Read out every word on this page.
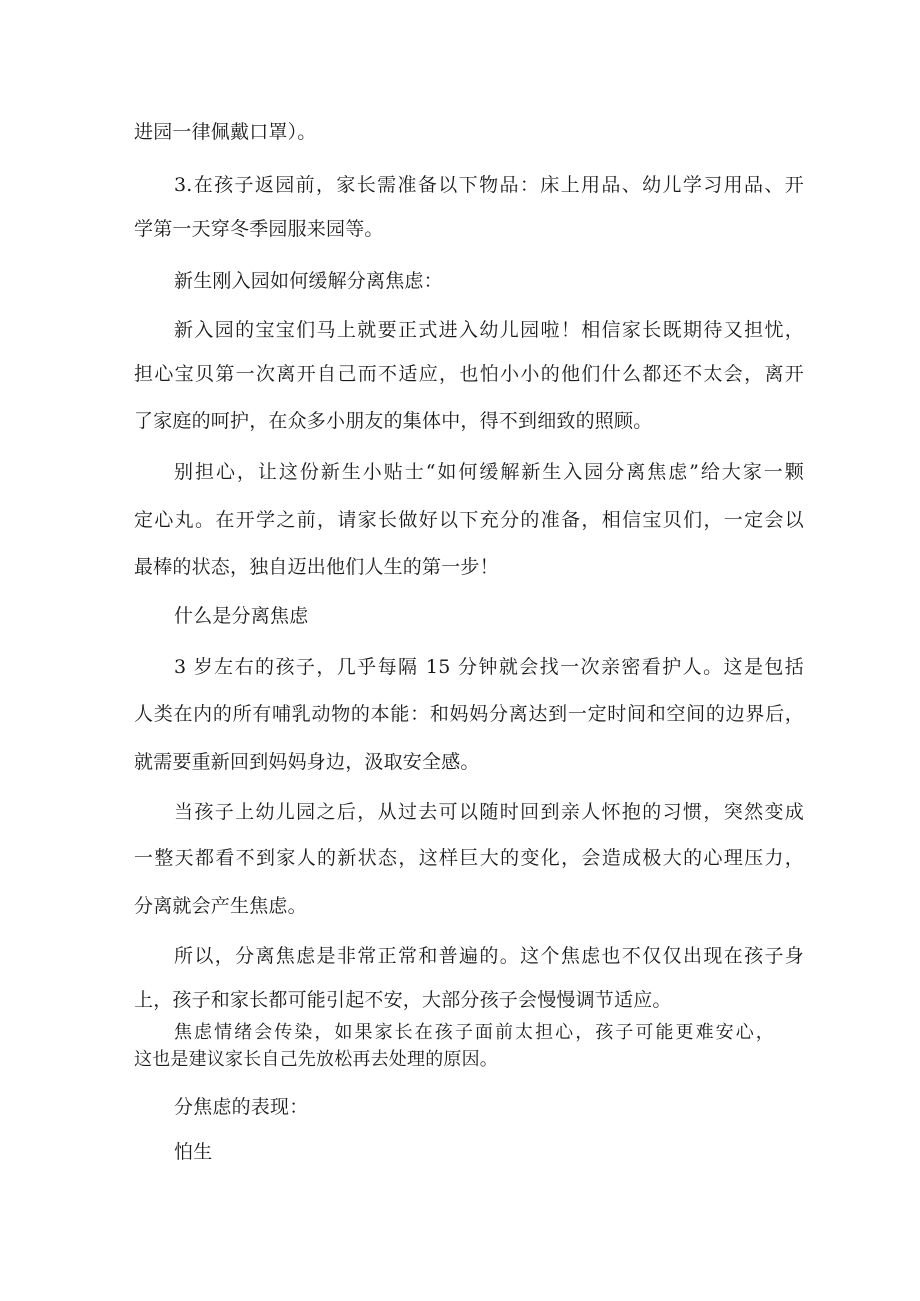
进园一律佩戴口罩）。
3.在孩子返园前，家长需准备以下物品：床上用品、幼儿学习用品、开
学第一天穿冬季园服来园等。
新生刚入园如何缓解分离焦虑：
新入园的宝宝们马上就要正式进入幼儿园啦！相信家长既期待又担忧，
担心宝贝第一次离开自己而不适应，也怕小小的他们什么都还不太会，离开
了家庭的呵护，在众多小朋友的集体中，得不到细致的照顾。
别担心，让这份新生小贴士“如何缓解新生入园分离焦虑”给大家一颗
定心丸。在开学之前，请家长做好以下充分的准备，相信宝贝们，一定会以
最棒的状态，独自迈出他们人生的第一步！
什么是分离焦虑
3 岁左右的孩子，几乎每隔 15 分钟就会找一次亲密看护人。这是包括
人类在内的所有哺乳动物的本能：和妈妈分离达到一定时间和空间的边界后，
就需要重新回到妈妈身边，汲取安全感。
当孩子上幼儿园之后，从过去可以随时回到亲人怀抱的习惯，突然变成
一整天都看不到家人的新状态，这样巨大的变化，会造成极大的心理压力，
分离就会产生焦虑。
所以，分离焦虑是非常正常和普遍的。这个焦虑也不仅仅出现在孩子身
上，孩子和家长都可能引起不安，大部分孩子会慢慢调节适应。
焦虑情绪会传染，如果家长在孩子面前太担心，孩子可能更难安心，
这也是建议家长自己先放松再去处理的原因。
分焦虑的表现：
怕生
